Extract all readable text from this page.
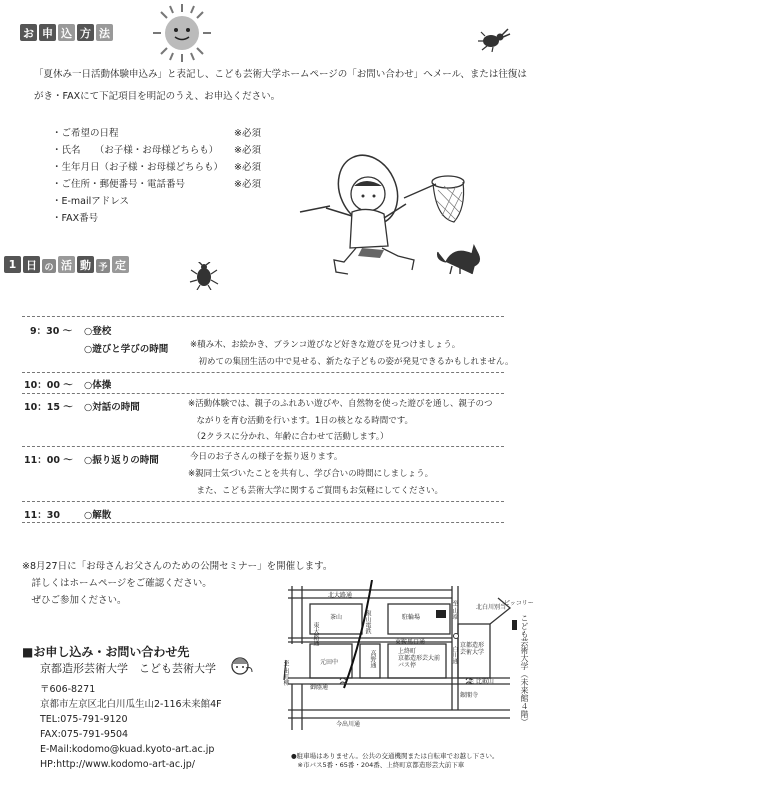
お 申 込 方 法
「夏休み一日活動体験申込み」と表記し、こども芸術大学ホームページの「お問い合わせ」へメール、または往復は
がき・FAXにて下記項目を明記のうえ、お申込ください。
・ご希望の日程	※必須
・氏名　　（お子様・お母様どちらも） ※必須
・生年月日（お子様・お母様どちらも） ※必須
・ご住所・郵便番号・電話番号	※必須
・E-mailアドレス
・FAX番号
1 日 の 活 動 予 定
9：30 ～ ○登校
○遊びと学びの時間	※積み木、お絵かき、ブランコ遊びなど好きな遊びを見つけましょう。
　初めての集団生活の中で見せる、新たな子どもの姿が発見できるかもしれません。
10：00 ～ ○体操
10：15 ～ ○対話の時間	※活動体験では、親子のふれあい遊びや、自然物を使った遊びを通し、親子のつ
　ながりを育む活動を行います。1日の核となる時間です。
　（2クラスに分かれ、年齢に合わせて活動します。）
11：00 ～ ○振り返りの時間	今日のお子さんの様子を振り返ります。
※親同士気づいたことを共有し、学び合いの時間にしましょう。
　また、こども芸術大学に関するご質問もお気軽にしてください。
11：30	○解散
※8月27日に「お母さんお父さんのための公開セミナー」を開催します。
　詳しくはホームページをご確認ください。
　ぜひご参加ください。
■お申し込み・お問い合わせ先
京都造形芸術大学　こども芸術大学
〒606-8271
京都市左京区北白川瓜生山2-116未来館4F
TEL:075-791-9120
FAX:075-791-9504
E-Mail:kodomo@kuad.kyoto-art.ac.jp
HP:http://www.kodomo-art-ac.jp/
北大路通
茶山	駐輪場
東鞍馬口通
元田中
御蔭通
今出川通
上終町
京都造形芸大前
バス停
京都造形
芸術大学
至 比叡山
銀閣寺
ピッコリー
至 出町柳
東大路通
高野通
至 山端
白川通
叡山電鉄
北白川別当
こども芸術大学（未来館４階）
●駐車場はありません。公共の交通機関または自転車でお越し下さい。
　※市バス5番・65番・204番、上終町京都造形芸大前下車
